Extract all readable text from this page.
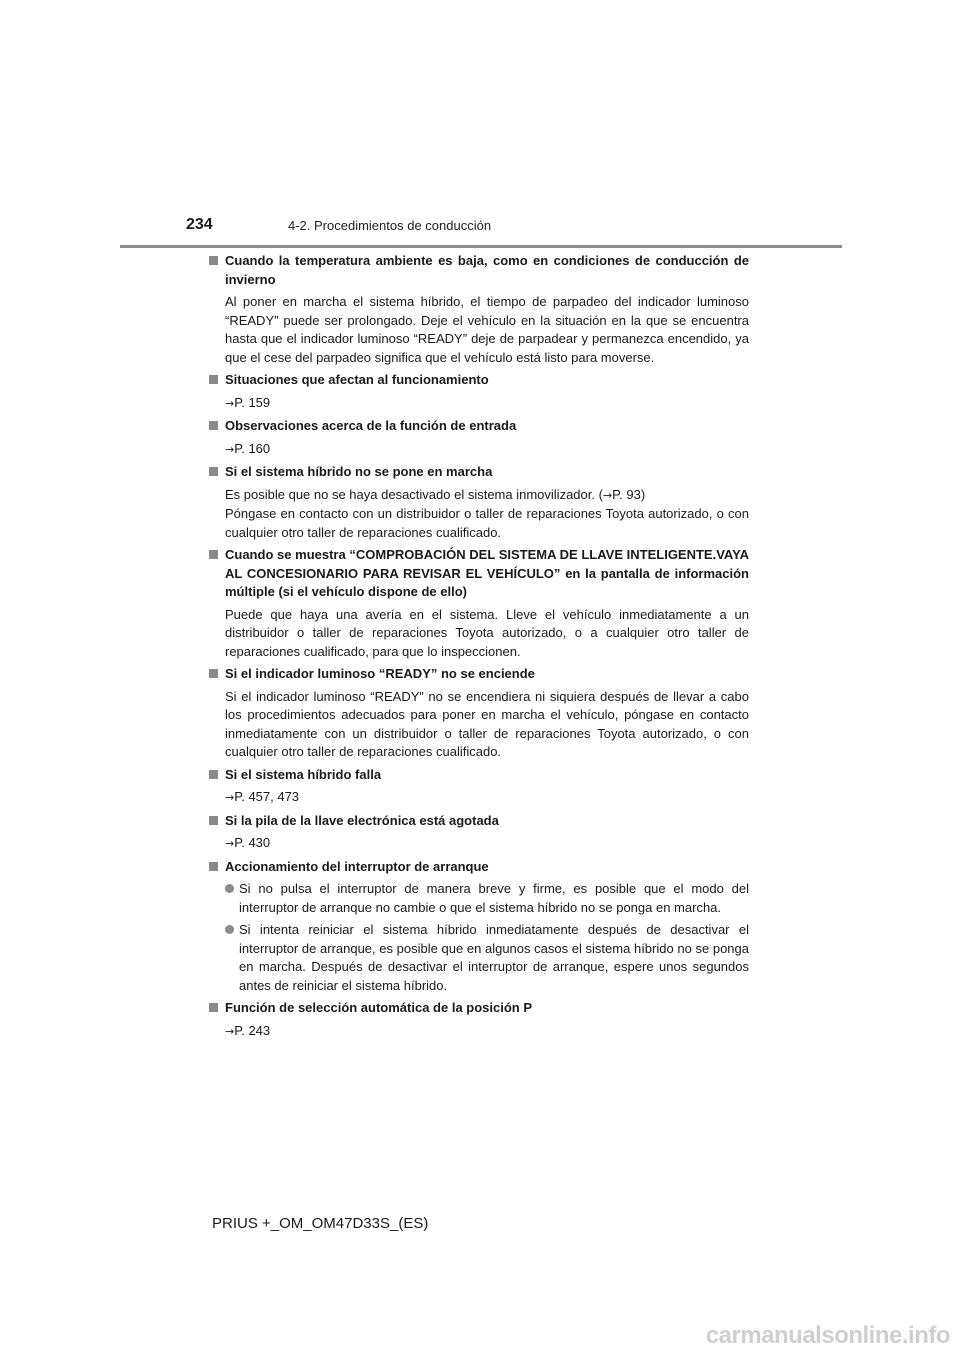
234	4-2. Procedimientos de conducción
Cuando la temperatura ambiente es baja, como en condiciones de conducción de invierno
Al poner en marcha el sistema híbrido, el tiempo de parpadeo del indicador luminoso “READY” puede ser prolongado. Deje el vehículo en la situación en la que se encuentra hasta que el indicador luminoso “READY” deje de parpadear y permanezca encendido, ya que el cese del parpadeo significa que el vehículo está listo para moverse.
Situaciones que afectan al funcionamiento
→P. 159
Observaciones acerca de la función de entrada
→P. 160
Si el sistema híbrido no se pone en marcha
Es posible que no se haya desactivado el sistema inmovilizador. (→P. 93)
Póngase en contacto con un distribuidor o taller de reparaciones Toyota autorizado, o con cualquier otro taller de reparaciones cualificado.
Cuando se muestra “COMPROBACIÓN DEL SISTEMA DE LLAVE INTELIGENTE.VAYA AL CONCESIONARIO PARA REVISAR EL VEHÍCULO” en la pantalla de información múltiple (si el vehículo dispone de ello)
Puede que haya una avería en el sistema. Lleve el vehículo inmediatamente a un distribuidor o taller de reparaciones Toyota autorizado, o a cualquier otro taller de reparaciones cualificado, para que lo inspeccionen.
Si el indicador luminoso “READY” no se enciende
Si el indicador luminoso “READY” no se encendiera ni siquiera después de llevar a cabo los procedimientos adecuados para poner en marcha el vehículo, póngase en contacto inmediatamente con un distribuidor o taller de reparaciones Toyota autorizado, o con cualquier otro taller de reparaciones cualificado.
Si el sistema híbrido falla
→P. 457, 473
Si la pila de la llave electrónica está agotada
→P. 430
Accionamiento del interruptor de arranque
Si no pulsa el interruptor de manera breve y firme, es posible que el modo del interruptor de arranque no cambie o que el sistema híbrido no se ponga en marcha.
Si intenta reiniciar el sistema híbrido inmediatamente después de desactivar el interruptor de arranque, es posible que en algunos casos el sistema híbrido no se ponga en marcha. Después de desactivar el interruptor de arranque, espere unos segundos antes de reiniciar el sistema híbrido.
Función de selección automática de la posición P
→P. 243
PRIUS +_OM_OM47D33S_(ES)
carmanualsonline.info
